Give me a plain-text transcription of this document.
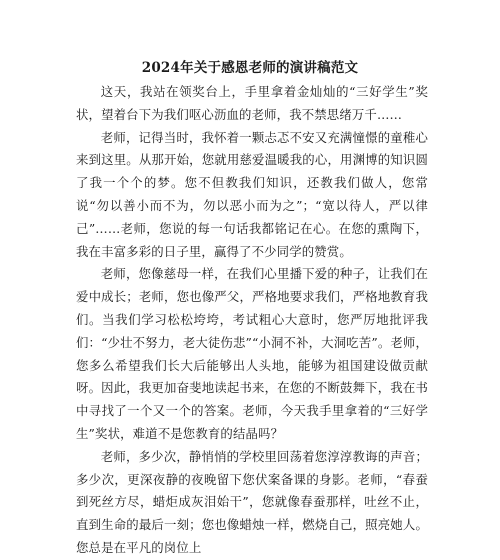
2024年关于感恩老师的演讲稿范文

这天，我站在领奖台上，手里拿着金灿灿的“三好学生”奖状，望着台下为我们呕心沥血的老师，我不禁思绪万千……

老师，记得当时，我怀着一颗忐忑不安又充满憧憬的童稚心来到这里。从那开始，您就用慈爱温暖我的心，用渊博的知识圆了我一个个的梦。您不但教我们知识，还教我们做人，您常说“勿以善小而不为，勿以恶小而为之”；“宽以待人，严以律己”……老师，您说的每一句话我都铭记在心。在您的熏陶下，我在丰富多彩的日子里，赢得了不少同学的赞赏。

老师，您像慈母一样，在我们心里播下爱的种子，让我们在爱中成长；老师，您也像严父，严格地要求我们，严格地教育我们。当我们学习松松垮垮，考试粗心大意时，您严厉地批评我们：“少壮不努力，老大徒伤悲”“小洞不补，大洞吃苦”。老师，您多么希望我们长大后能够出人头地，能够为祖国建设做贡献呀。因此，我更加奋斐地读起书来，在您的不断鼓舞下，我在书中寻找了一个又一个的答案。老师，今天我手里拿着的“三好学生”奖状，难道不是您教育的结晶吗？

老师，多少次，静悄悄的学校里回荡着您淳淳教诲的声音；多少次，更深夜静的夜晚留下您伏案备课的身影。老师，“春蚕到死丝方尽，蜡炬成灰泪始干”，您就像春蚕那样，吐丝不止，直到生命的最后一刻；您也像蜡烛一样，燃烧自己，照亮她人。您总是在平凡的岗位上
